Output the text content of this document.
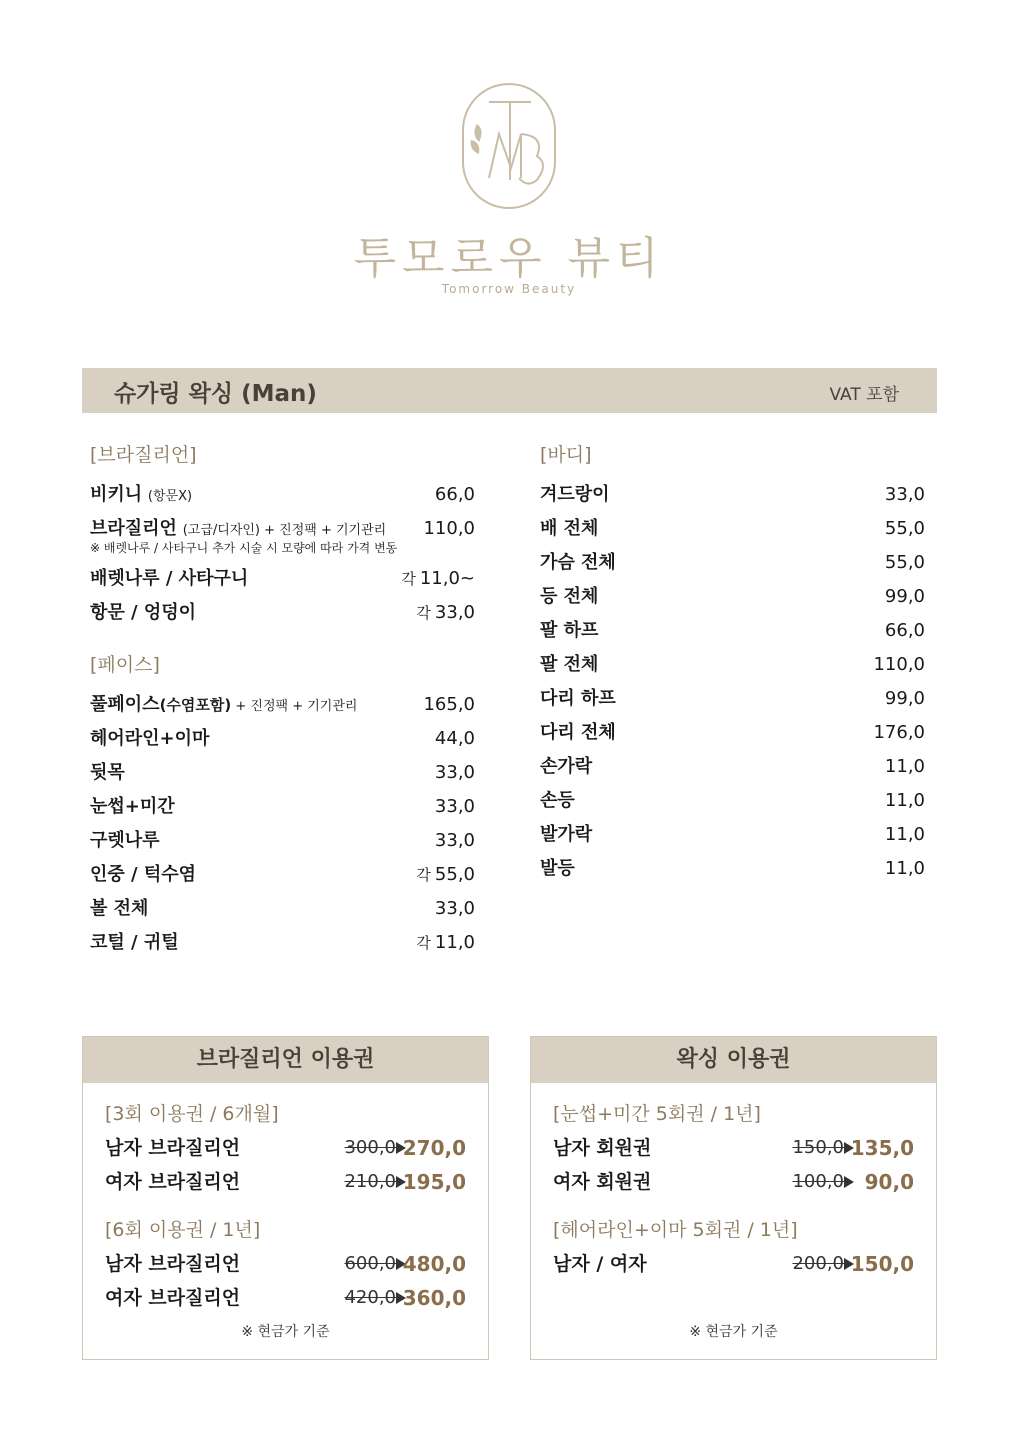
투모로우 뷰티
Tomorrow Beauty
슈가링 왁싱 (Man)	VAT 포함
[브라질리언]
비키니 (항문X)	66,0
브라질리언 (고급/디자인) + 진정팩 + 기기관리 110,0
※ 배렛나루 / 사타구니 추가 시술 시 모량에 따라 가격 변동
배렛나루 / 사타구니	각 11,0~
항문 / 엉덩이	각 33,0
[페이스]
풀페이스(수염포함) + 진정팩 + 기기관리	165,0
헤어라인+이마	44,0
뒷목	33,0
눈썹+미간	33,0
구렛나루	33,0
인중 / 턱수염	각 55,0
볼 전체	33,0
코털 / 귀털	각 11,0
[바디]
겨드랑이	33,0
배 전체	55,0
가슴 전체	55,0
등 전체	99,0
팔 하프	66,0
팔 전체	110,0
다리 하프	99,0
다리 전체	176,0
손가락	11,0
손등	11,0
발가락	11,0
발등	11,0
브라질리언 이용권
[3회 이용권 / 6개월]
남자 브라질리언	300,0 270,0
여자 브라질리언	210,0 195,0
[6회 이용권 / 1년]
남자 브라질리언	600,0 480,0
여자 브라질리언	420,0 360,0
※ 현금가 기준
왁싱 이용권
[눈썹+미간 5회권 / 1년]
남자 회원권	150,0 135,0
여자 회원권	100,0 90,0
[헤어라인+이마 5회권 / 1년]
남자 / 여자	200,0 150,0
※ 현금가 기준
